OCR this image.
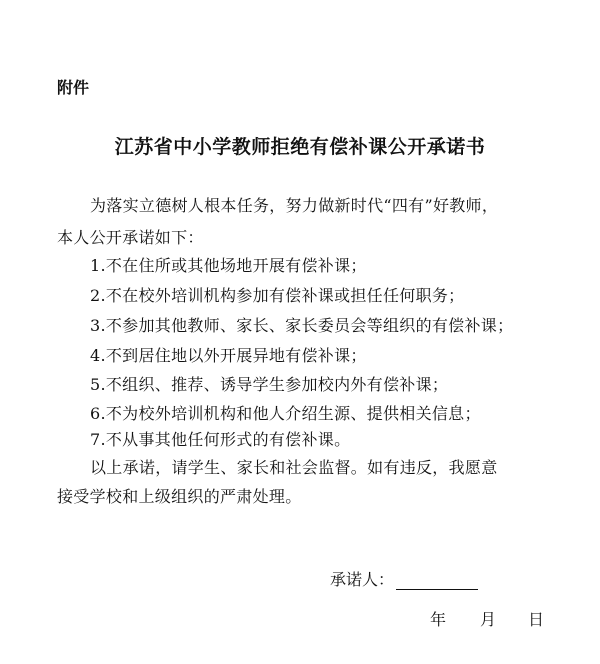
附件
江苏省中小学教师拒绝有偿补课公开承诺书
为落实立德树人根本任务，努力做新时代“四有”好教师，
本人公开承诺如下：
1.不在住所或其他场地开展有偿补课；
2.不在校外培训机构参加有偿补课或担任任何职务；
3.不参加其他教师、家长、家长委员会等组织的有偿补课；
4.不到居住地以外开展异地有偿补课；
5.不组织、推荐、诱导学生参加校内外有偿补课；
6.不为校外培训机构和他人介绍生源、提供相关信息；
7.不从事其他任何形式的有偿补课。
以上承诺，请学生、家长和社会监督。如有违反，我愿意
接受学校和上级组织的严肃处理。
承诺人：
年	月	日
